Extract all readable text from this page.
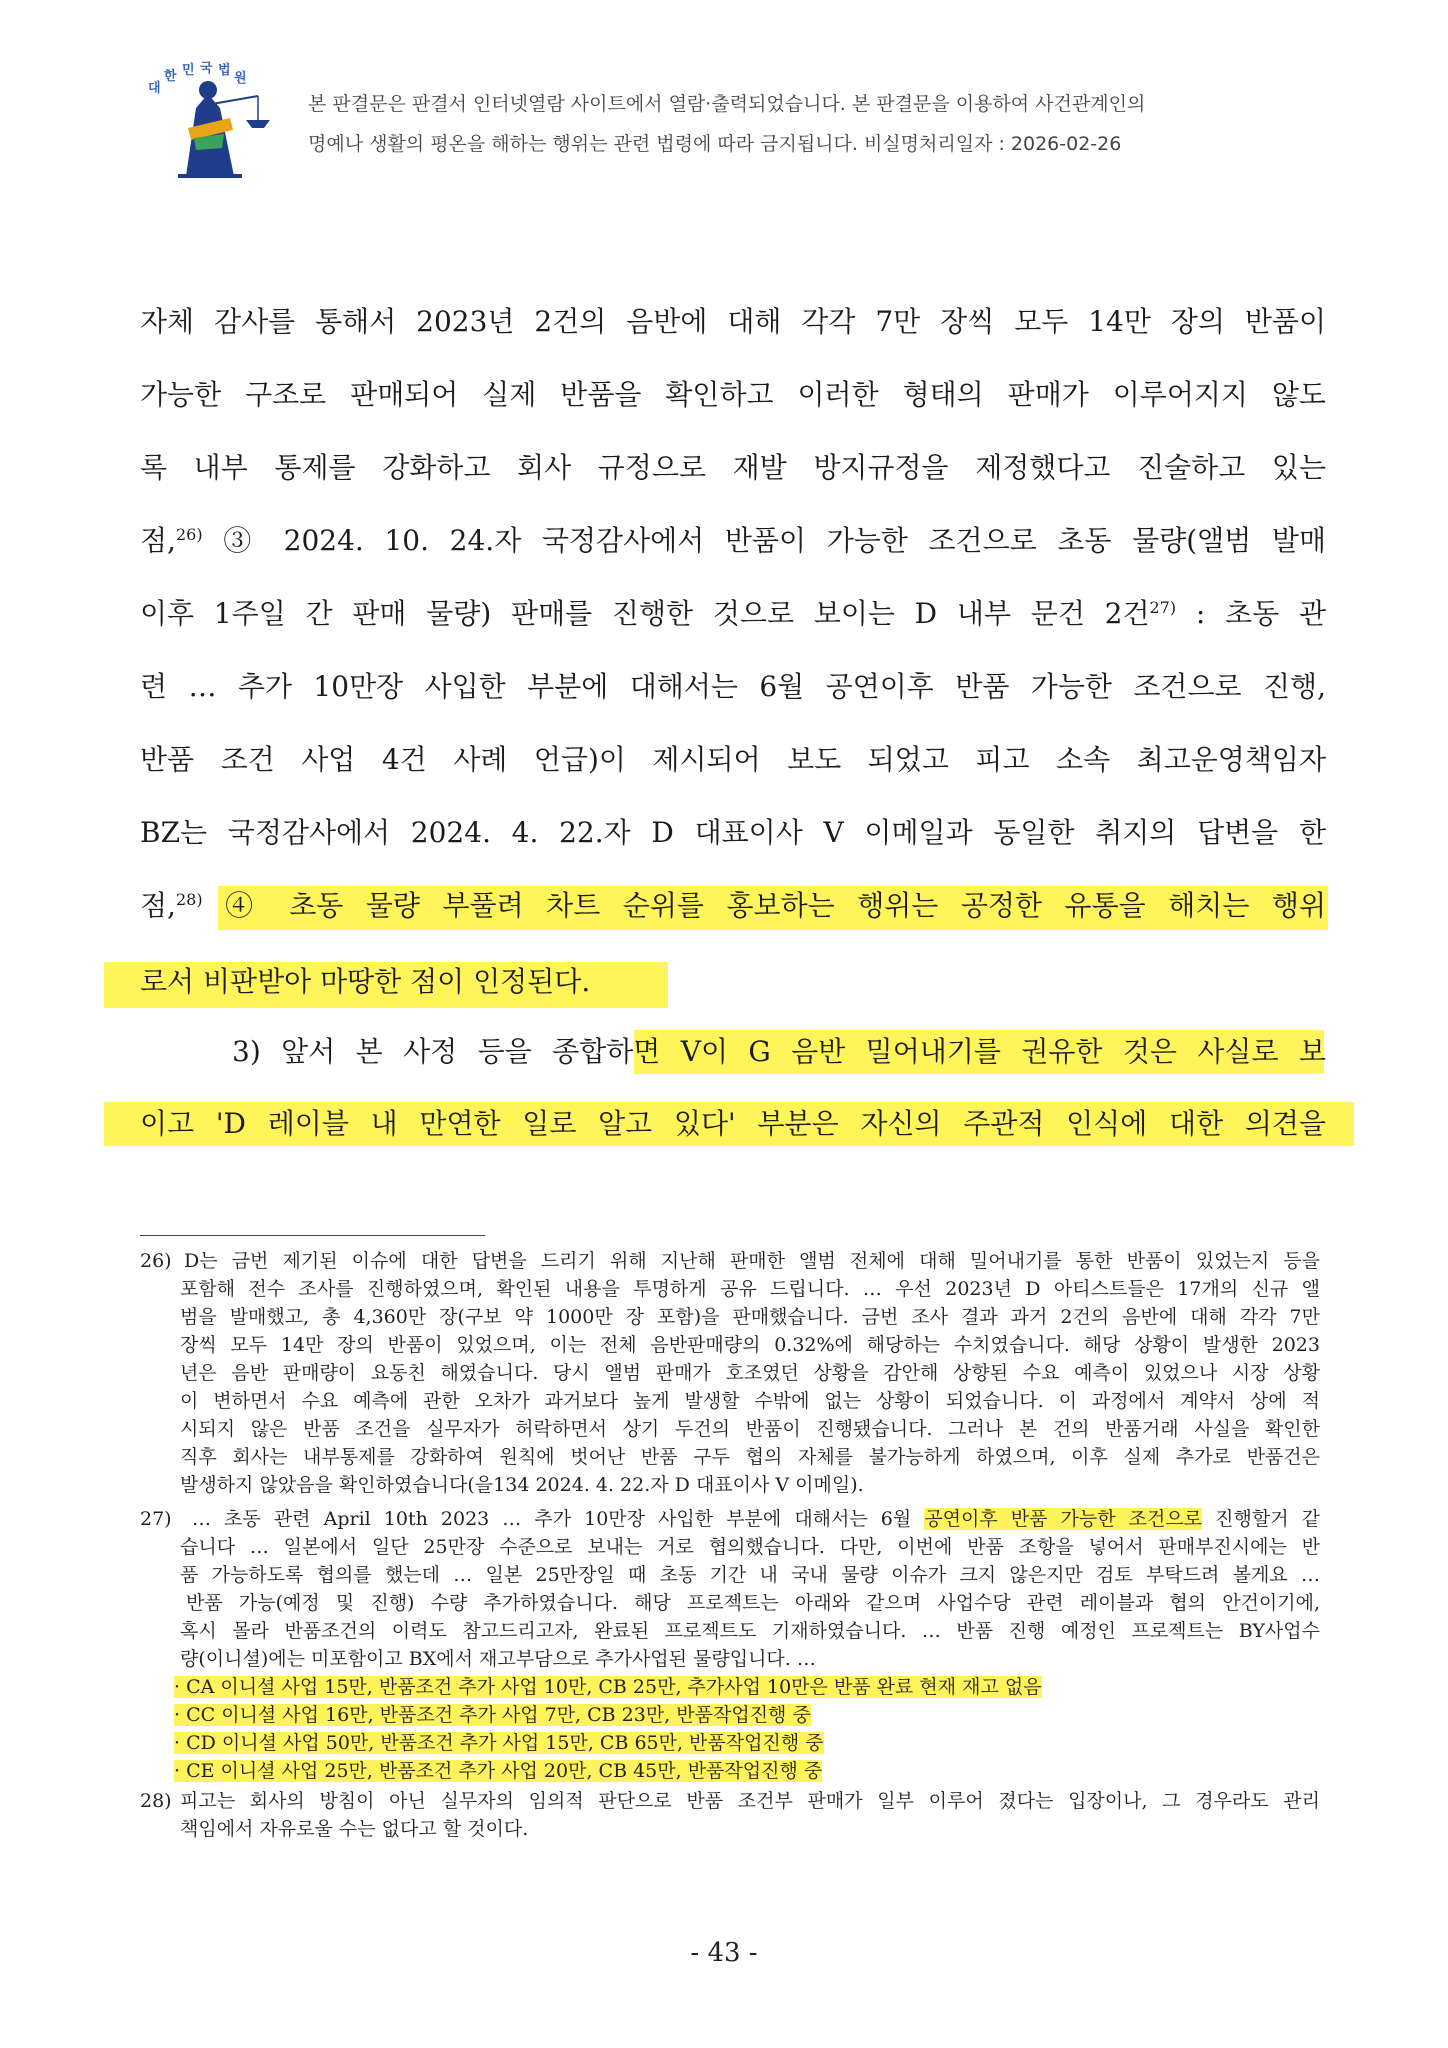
대
한 민 국 법
원
본 판결문은 판결서 인터넷열람 사이트에서 열람·출력되었습니다. 본 판결문을 이용하여 사건관계인의
명예나 생활의 평온을 해하는 행위는 관련 법령에 따라 금지됩니다. 비실명처리일자 : 2026-02-26
자체 감사를 통해서 2023년 2건의 음반에 대해 각각 7만 장씩 모두 14만 장의 반품이
가능한 구조로 판매되어 실제 반품을 확인하고 이러한 형태의 판매가 이루어지지 않도
록 내부 통제를 강화하고 회사 규정으로 재발 방지규정을 제정했다고 진술하고 있는
점,$^{26)}$ ③ 2024. 10. 24.자 국정감사에서 반품이 가능한 조건으로 초동 물량(앨범 발매
이후 1주일 간 판매 물량) 판매를 진행한 것으로 보이는 D 내부 문건 2건$^{27)}$ : 초동 관
련 … 추가 10만장 사입한 부분에 대해서는 6월 공연이후 반품 가능한 조건으로 진행,
반품 조건 사업 4건 사례 언급)이 제시되어 보도 되었고 피고 소속 최고운영책임자
BZ는 국정감사에서 2024. 4. 22.자 D 대표이사 V 이메일과 동일한 취지의 답변을 한
점,$^{28)}$ ④ 초동 물량 부풀려 차트 순위를 홍보하는 행위는 공정한 유통을 해치는 행위
로서 비판받아 마땅한 점이 인정된다.
3) 앞서 본 사정 등을 종합하면 V이 G 음반 밀어내기를 권유한 것은 사실로 보
이고 'D 레이블 내 만연한 일로 알고 있다' 부분은 자신의 주관적 인식에 대한 의견을
26) D는 금번 제기된 이슈에 대한 답변을 드리기 위해 지난해 판매한 앨범 전체에 대해 밀어내기를 통한 반품이 있었는지 등을
포함해 전수 조사를 진행하였으며, 확인된 내용을 투명하게 공유 드립니다. … 우선 2023년 D 아티스트들은 17개의 신규 앨
범을 발매했고, 총 4,360만 장(구보 약 1000만 장 포함)을 판매했습니다. 금번 조사 결과 과거 2건의 음반에 대해 각각 7만
장씩 모두 14만 장의 반품이 있었으며, 이는 전체 음반판매량의 0.32%에 해당하는 수치였습니다. 해당 상황이 발생한 2023
년은 음반 판매량이 요동친 해였습니다. 당시 앨범 판매가 호조였던 상황을 감안해 상향된 수요 예측이 있었으나 시장 상황
이 변하면서 수요 예측에 관한 오차가 과거보다 높게 발생할 수밖에 없는 상황이 되었습니다. 이 과정에서 계약서 상에 적
시되지 않은 반품 조건을 실무자가 허락하면서 상기 두건의 반품이 진행됐습니다. 그러나 본 건의 반품거래 사실을 확인한
직후 회사는 내부통제를 강화하여 원칙에 벗어난 반품 구두 협의 자체를 불가능하게 하였으며, 이후 실제 추가로 반품건은
발생하지 않았음을 확인하였습니다(을134 2024. 4. 22.자 D 대표이사 V 이메일).
27) … 초동 관련 April 10th 2023 … 추가 10만장 사입한 부분에 대해서는 6월 공연이후 반품 가능한 조건으로 진행할거 같
습니다 … 일본에서 일단 25만장 수준으로 보내는 거로 협의했습니다. 다만, 이번에 반품 조항을 넣어서 판매부진시에는 반
품 가능하도록 협의를 했는데 … 일본 25만장일 때 초동 기간 내 국내 물량 이슈가 크지 않은지만 검토 부탁드려 볼게요 …
반품 가능(예정 및 진행) 수량 추가하였습니다. 해당 프로젝트는 아래와 같으며 사업수당 관련 레이블과 협의 안건이기에,
혹시 몰라 반품조건의 이력도 참고드리고자, 완료된 프로젝트도 기재하였습니다. … 반품 진행 예정인 프로젝트는 BY사업수
량(이니셜)에는 미포함이고 BX에서 재고부담으로 추가사업된 물량입니다. …
· CA 이니셜 사업 15만, 반품조건 추가 사업 10만, CB 25만, 추가사업 10만은 반품 완료 현재 재고 없음
· CC 이니셜 사업 16만, 반품조건 추가 사업 7만, CB 23만, 반품작업진행 중
· CD 이니셜 사업 50만, 반품조건 추가 사업 15만, CB 65만, 반품작업진행 중
· CE 이니셜 사업 25만, 반품조건 추가 사업 20만, CB 45만, 반품작업진행 중
28) 피고는 회사의 방침이 아닌 실무자의 임의적 판단으로 반품 조건부 판매가 일부 이루어 졌다는 입장이나, 그 경우라도 관리
책임에서 자유로울 수는 없다고 할 것이다.
- 43 -
